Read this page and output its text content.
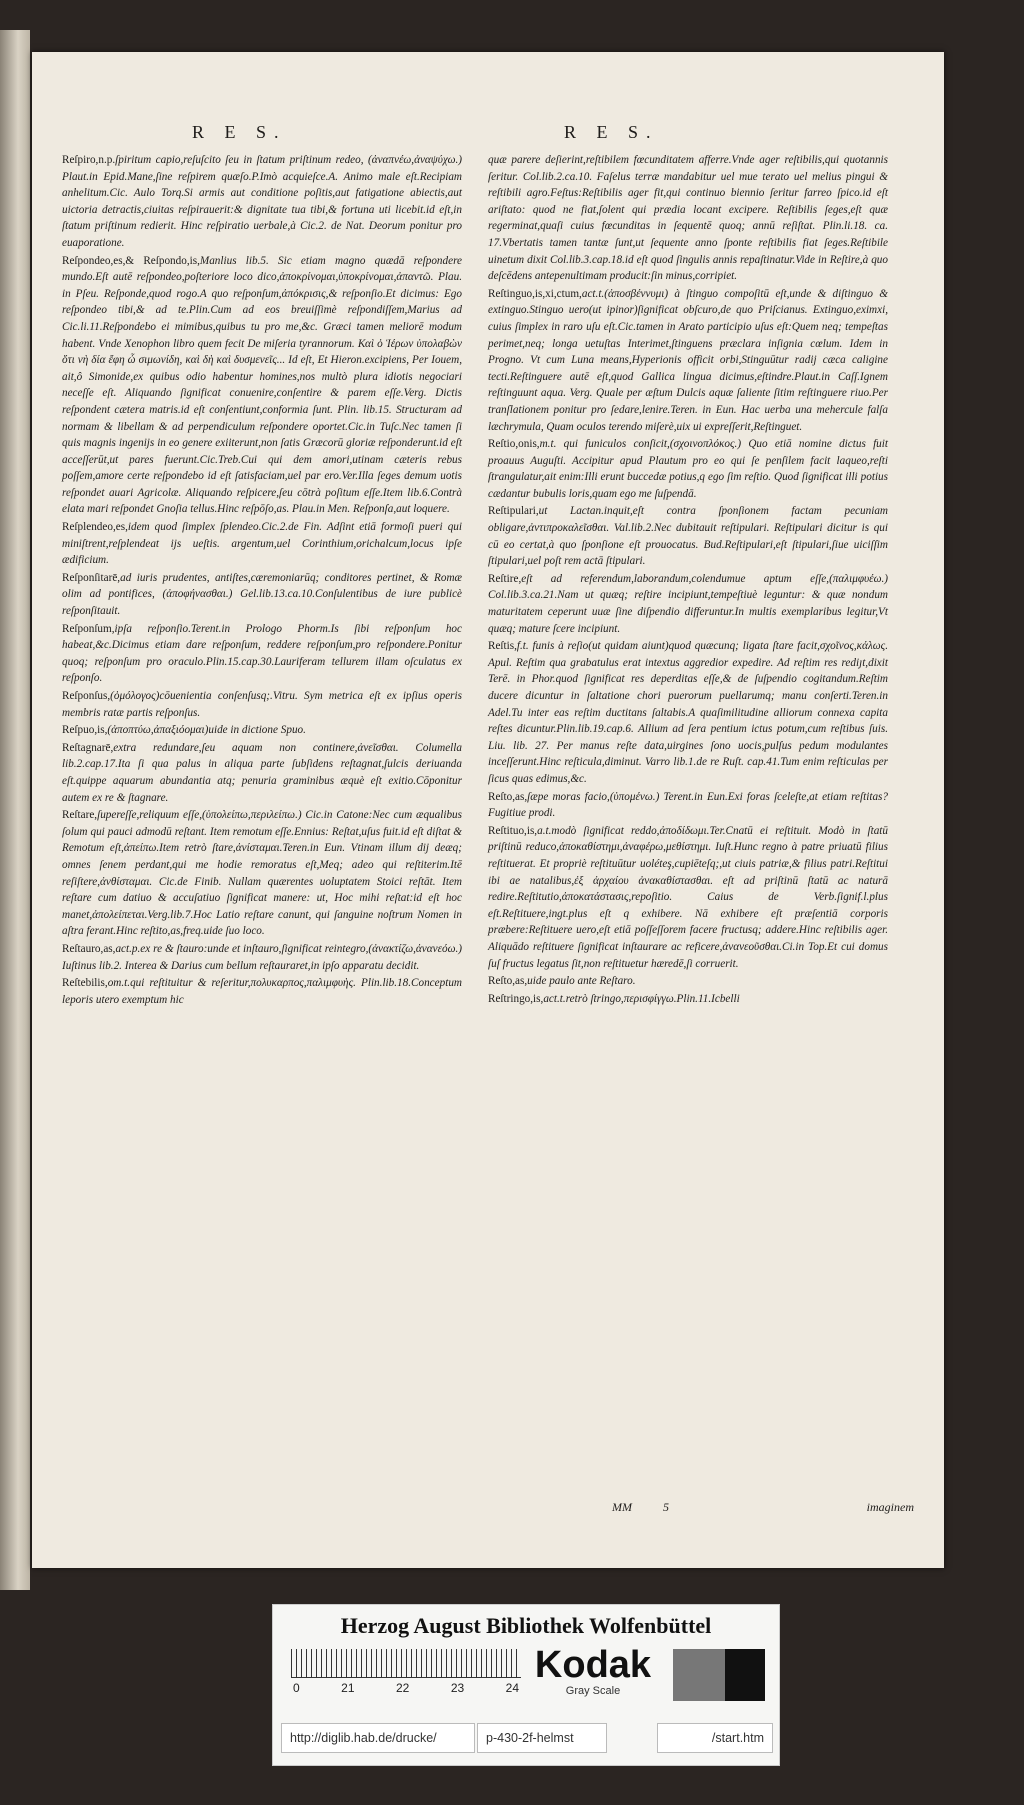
R E S.	R E S.
Reſpiro,n.p.ſpiritum capio,reſuſcito ſeu in ſtatum priſtinum redeo, (ἀναπνέω,ἀναψύχω.) Plaut.in Epid.Mane,ſine reſpirem quæſo.P.Imò acquieſce.A. Animo male eſt.Recipiam anhelitum.Cic. Aulo Torq.Si armis aut conditione poſitis,aut fatigatione abiectis,aut uictoria detractis,ciuitas reſpirauerit:& dignitate tua tibi,& fortuna uti licebit.id eſt,in ſtatum priſtinum redierit. Hinc reſpiratio uerbale,à Cic.2. de Nat. Deorum ponitur pro euaporatione.
Reſpondeo,es,& Reſpondo,is,Manlius lib.5. Sic etiam magno quædā reſpondere mundo.Eſt autē reſpondeo,poſteriore loco dico,ἀποκρίνομαι,ὑποκρίνομαι,ἀπαντῶ. Plau. in Pſeu. Reſponde,quod rogo.A quo reſponſum,ἀπόκρισις,& reſponſio.Et dicimus: Ego reſpondeo tibi,& ad te.Plin.Cum ad eos breuiſſimè reſpondiſſem,Marius ad Cic.li.11.Reſpondebo ei mimibus,quibus tu pro me,&c. Græci tamen meliorē modum habent. Vnde Xenophon libro quem fecit De miſeria tyrannorum. Καὶ ὁ Ἱέρων ὑπολαβὼν ὅτι νὴ δία ἔφη ὦ σιμωνίδη, καὶ δὴ καὶ δυσμενεῖς... Id eſt, Et Hieron.excipiens, Per Iouem, ait,ô Simonide,ex quibus odio habentur homines,nos multò plura idiotis negociari neceſſe eſt. Aliquando ſignificat conuenire,conſentire & parem eſſe.Verg. Dictis reſpondent cætera matris.id eſt conſentiunt,conformia ſunt. Plin. lib.15. Structuram ad normam & libellam & ad perpendiculum reſpondere oportet.Cic.in Tuſc.Nec tamen ſi quis magnis ingenijs in eo genere exiiterunt,non ſatis Græcorū gloriæ reſponderunt.id eſt acceſſerūt,ut pares fuerunt.Cic.Treb.Cui qui dem amori,utinam cæteris rebus poſſem,amore certe reſpondebo id eſt ſatisfaciam,uel par ero.Ver.Illa ſeges demum uotis reſpondet auari Agricolæ. Aliquando reſpicere,ſeu cōtrà poſitum eſſe.Item lib.6.Contrà elata mari reſpondet Gnoſia tellus.Hinc reſpōſo,as. Plau.in Men. Reſponſa,aut loquere.
Reſplendeo,es,idem quod ſimplex ſplendeo.Cic.2.de Fin. Adſint etiā formoſi pueri qui miniſtrent,reſplendeat ijs ueſtis. argentum,uel Corinthium,orichalcum,locus ipſe ædificium.
Reſponſitarē,ad iuris prudentes, antiſtes,cæremoniarūq; conditores pertinet, & Romæ olim ad pontifices, (ἀποφήνασθαι.) Gel.lib.13.ca.10.Conſulentibus de iure publicè reſponſitauit.
Reſponſum,ipſa reſponſio.Terent.in Prologo Phorm.Is ſibi reſponſum hoc habeat,&c.Dicimus etiam dare reſponſum, reddere reſponſum,pro reſpondere.Ponitur quoq; reſponſum pro oraculo.Plin.15.cap.30.Lauriferam tellurem illam oſculatus ex reſponſo.
Reſponſus,(ὁμόλογος)cōuenientia conſenſusq;.Vitru. Sym metrica eſt ex ipſius operis membris ratæ partis reſponſus.
Reſpuo,is,(ἀποπτύω,ἀπαξιόομαι)uide in dictione Spuo.
Reſtagnarē,extra redundare,ſeu aquam non continere,ἀνεῖσθαι. Columella lib.2.cap.17.Ita ſi qua palus in aliqua parte ſubſidens reſtagnat,ſulcis deriuanda eſt.quippe aquarum abundantia atq; penuria graminibus æquè eſt exitio.Cōponitur autem ex re & ſtagnare.
Reſtare,ſupereſſe,reliquum eſſe,(ὑπολείπω,περιλείπω.) Cic.in Catone:Nec cum æqualibus ſolum qui pauci admodū reſtant. Item remotum eſſe.Ennius: Reſtat,uſus fuit.id eſt diſtat & Remotum eſt,ἀπείπω.Item retrò ſtare,ἀνίσταμαι.Teren.in Eun. Vtinam illum dij deæq; omnes ſenem perdant,qui me hodie remoratus eſt,Meq; adeo qui reſtiterim.Itē reſiſtere,ἀνθίσταμαι. Cic.de Finib. Nullam quærentes uoluptatem Stoici reſtāt. Item reſtare cum datiuo & accuſatiuo ſignificat manere: ut, Hoc mihi reſtat:id eſt hoc manet,ἀπολείπεται.Verg.lib.7.Hoc Latio reſtare canunt, qui ſanguine noſtrum Nomen in aſtra ferant.Hinc reſtito,as,freq.uide ſuo loco.
Reſtauro,as,act.p.ex re & ſtauro:unde et inſtauro,ſignificat reintegro,(ἀνακτίζω,ἀνανεόω.) Iuſtinus lib.2. Interea & Darius cum bellum reſtauraret,in ipſo apparatu decidit.
Reſtebilis,om.t.qui reſtituitur & reſeritur,πολυκαρπος,παλιμφυὴς. Plin.lib.18.Conceptum leporis utero exemptum hic
quæ parere deſierint,reſtibilem fœcunditatem afferre.Vnde ager reſtibilis,qui quotannis ſeritur. Col.lib.2.ca.10. Faſelus terræ mandabitur uel mue terato uel melius pingui & reſtibili agro.Feſtus:Reſtibilis ager fit,qui continuo biennio ſeritur farreo ſpico.id eſt ariſtato: quod ne fiat,ſolent qui prædia locant excipere. Reſtibilis ſeges,eſt quæ regerminat,quaſi cuius fœcunditas in ſequentē quoq; annū reſiſtat. Plin.li.18. ca. 17.Vbertatis tamen tantæ ſunt,ut ſequente anno ſponte reſtibilis fiat ſeges.Reſtibile uinetum dixit Col.lib.3.cap.18.id eſt quod ſingulis annis repaſtinatur.Vide in Reſtire,à quo deſcēdens antepenultimam producit:ſin minus,corripiet.
Reſtinguo,is,xi,ctum,act.t.(ἀποσβέννυμι) à ſtinguo compoſitū eſt,unde & diſtinguo & extinguo.Stinguo uero(ut ipinor)ſignificat obſcuro,de quo Priſcianus. Extinguo,eximxi, cuius ſimplex in raro uſu eſt.Cic.tamen in Arato participio uſus eſt:Quem neq; tempeſtas perimet,neq; longa uetuſtas Interimet,ſtinguens præclara inſignia cœlum. Idem in Progno. Vt cum Luna means,Hyperionis officit orbi,Stinguūtur radij cæca caligine tecti.Reſtinguere autē eſt,quod Gallica lingua dicimus,eſtindre.Plaut.in Caſſ.Ignem reſtinguunt aqua. Verg. Quale per æſtum Dulcis aquæ ſaliente ſitim reſtinguere riuo.Per tranſlationem ponitur pro ſedare,lenire.Teren. in Eun. Hac uerba una mehercule falſa læchrymula, Quam oculos terendo miſerè,uix ui expreſſerit,Reſtinguet.
Reſtio,onis,m.t. qui funiculos conſicit,(σχοινοπλόκος.) Quo etiā nomine dictus fuit proauus Auguſti. Accipitur apud Plautum pro eo qui ſe penſilem facit laqueo,reſti ſtrangulatur,ait enim:Illi erunt buccedæ potius,q ego ſim reſtio. Quod ſignificat illi potius cædantur bubulis loris,quam ego me ſuſpendā.
Reſtipulari,ut Lactan.inquit,eſt contra ſponſionem factam pecuniam obligare,ἀντιπροκαλεῖσθαι. Val.lib.2.Nec dubitauit reſtipulari. Reſtipulari dicitur is qui cū eo certat,à quo ſponſione eſt prouocatus. Bud.Reſtipulari,eſt ſtipulari,ſiue uiciſſim ſtipulari,uel poſt rem actā ſtipulari.
Reſtire,eſt ad referendum,laborandum,colendumue aptum eſſe,(παλιμφυέω.) Col.lib.3.ca.21.Nam ut quæq; reſtire incipiunt,tempeſtiuè leguntur: & quæ nondum maturitatem ceperunt uuæ ſine diſpendio differuntur.In multis exemplaribus legitur,Vt quæq; mature ſcere incipiunt.
Reſtis,f.t. funis à reſio(ut quidam aiunt)quod quæcunq; ligata ſtare facit,σχοῖνος,κάλως. Apul. Reſtim qua grabatulus erat intextus aggredior expedire. Ad reſtim res rediȷt,dixit Terē. in Phor.quod ſignificat res deperditas eſſe,& de ſuſpendio cogitandum.Reſtim ducere dicuntur in ſaltatione chori puerorum puellarumq; manu conſerti.Teren.in Adel.Tu inter eas reſtim ductitans ſaltabis.A quaſimilitudine alliorum connexa capita reſtes dicuntur.Plin.lib.19.cap.6. Allium ad ſera pentium ictus potum,cum reſtibus ſuis. Liu. lib. 27. Per manus reſte data,uirgines ſono uocis,pulſus pedum modulantes inceſſerunt.Hinc reſticula,diminut. Varro lib.1.de re Ruſt. cap.41.Tum enim reſticulas per ſicus quas edimus,&c.
Reſto,as,ſæpe moras facio,(ὑπομένω.) Terent.in Eun.Exi foras ſceleſte,at etiam reſtitas?Fugitiue prodi.
Reſtituo,is,a.t.modò ſignificat reddo,ἀποδίδωμι.Ter.Cnatū ei reſtituit. Modò in ſtatū priſtinū reduco,ἀποκαθίστημι,ἀναφέρω,μεθίστημι. Iuſt.Hunc regno à patre priuatū filius reſtituerat. Et propriè reſtituūtur uoléteş,cupiēteſq;,ut ciuis patriæ,& filius patri.Reſtitui ibi ae natalibus,ἐξ ἀρχαίου ἀνακαθίστασθαι. eſt ad priſtinū ſtatū ac naturā redire.Reſtitutio,ἀποκατάστασις,repoſitio. Caius de Verb.ſignif.l.plus eſt.Reſtituere,ingt.plus eſt q exhibere. Nā exhibere eſt præſentiā corporis præbere:Reſtituere uero,eſt etiā poſſeſſorem facere fructusq; addere.Hinc reſtibilis ager. Aliquādo reſtituere ſignificat inſtaurare ac reficere,ἀνανεοῦσθαι.Ci.in Top.Et cui domus ſuſ fructus legatus ſit,non reſtituetur hæredē,ſi corruerit.
Reſto,as,uide paulo ante Reſtaro.
Reſtringo,is,act.t.retrò ſtringo,περισφίγγω.Plin.11.Icbelli
MM	5	imaginem
Herzog August Bibliothek Wolfenbüttel
0	21	22	23	24
Kodak
Gray Scale
http://diglib.hab.de/drucke/	p-430-2f-helmst	/start.htm
